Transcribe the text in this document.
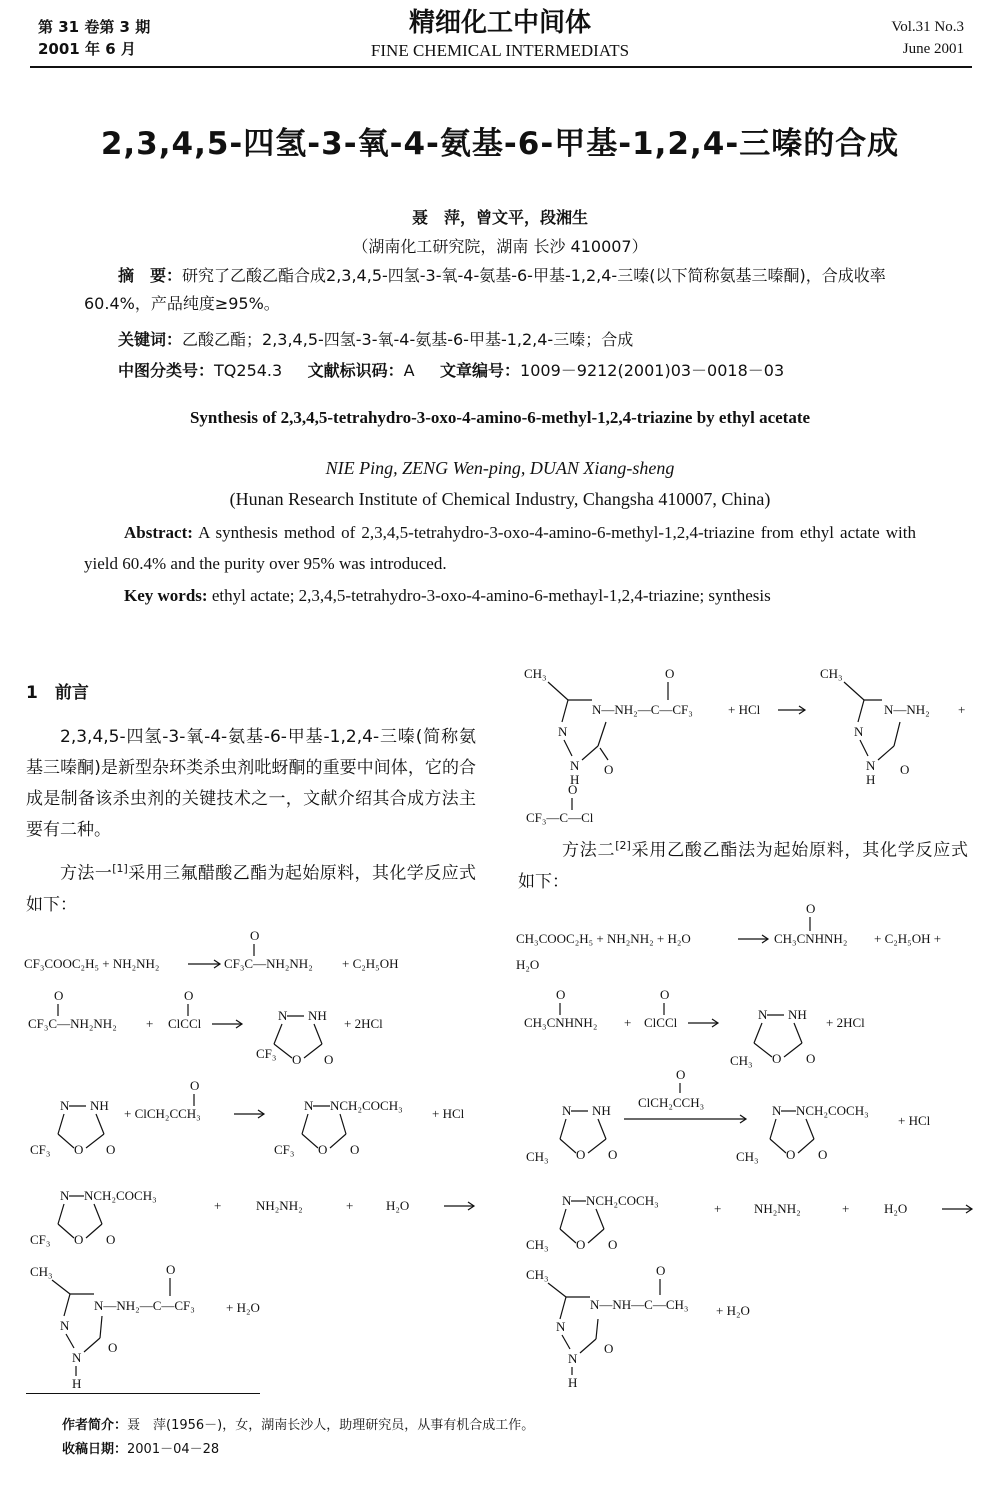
第 31 卷第 3 期
2001 年 6 月
精细化工中间体
FINE CHEMICAL INTERMEDIATS
Vol.31 No.3
June 2001
2,3,4,5-四氢-3-氧-4-氨基-6-甲基-1,2,4-三嗪的合成
聂　萍，曾文平，段湘生
（湖南化工研究院，湖南 长沙 410007）
摘　要：研究了乙酸乙酯合成2,3,4,5-四氢-3-氧-4-氨基-6-甲基-1,2,4-三嗪(以下简称氨基三嗪酮)，合成收率60.4%，产品纯度≥95%。
关键词：乙酸乙酯；2,3,4,5-四氢-3-氧-4-氨基-6-甲基-1,2,4-三嗪；合成
中图分类号：TQ254.3 文献标识码：A 文章编号：1009－9212(2001)03－0018－03
Synthesis of 2,3,4,5-tetrahydro-3-oxo-4-amino-6-methyl-1,2,4-triazine by ethyl acetate
NIE Ping, ZENG Wen-ping, DUAN Xiang-sheng
(Hunan Research Institute of Chemical Industry, Changsha 410007, China)
Abstract: A synthesis method of 2,3,4,5-tetrahydro-3-oxo-4-amino-6-methyl-1,2,4-triazine from ethyl actate with yield 60.4% and the purity over 95% was introduced.
Key words: ethyl actate; 2,3,4,5-tetrahydro-3-oxo-4-amino-6-methayl-1,2,4-triazine; synthesis
1　前言
2,3,4,5-四氢-3-氧-4-氨基-6-甲基-1,2,4-三嗪(简称氨基三嗪酮)是新型杂环类杀虫剂吡蚜酮的重要中间体，它的合成是制备该杀虫剂的关键技术之一，文献介绍其合成方法主要有二种。
方法一[1]采用三氟醋酸乙酯为起始原料，其化学反应式如下：
方法二[2]采用乙酸乙酯法为起始原料，其化学反应式如下：
CH₃
N
N
H
O
N—NH₂—C—CF₃
O
+ HCl
CH₃
N
N
H
O
N—NH₂ +
O
CF₃—C—Cl
CF₃COOC₂H₅ + NH₂NH₂	CF₃C—NH₂NH₂
O
+ C₂H₅OH
O
CF₃C—NH₂NH₂ +
O
ClCCl
N NH
CF₃ O O
+ 2HCl
N NH
CF₃ O O
+ ClCH₂CCH₃
O
N NCH₂COCH₃
CF₃ O O
+ HCl
N NCH₂COCH₃
CF₃ O O
+	NH₂NH₂	+	H₂O
CH₃
N
N
H
O
N—NH₂—C—CF₃
O
+ H₂O
CH₃COOC₂H₅ + NH₂NH₂ + H₂O	CH₃CNHNH₂
O
+ C₂H₅OH +
H₂O
O
CH₃CNHNH₂ +
O
ClCCl
N NH
CH₃ O O
+ 2HCl
N NH
CH₃ O O
O
ClCH₂CCH₃
N NCH₂COCH₃
CH₃ O O
+ HCl
N NCH₂COCH₃
CH₃ O O
+	NH₂NH₂	+	H₂O
CH₃
N
N
H
O
N—NH—C—CH₃
O
+ H₂O
作者简介：聂　萍(1956－)，女，湖南长沙人，助理研究员，从事有机合成工作。
收稿日期：2001－04－28
